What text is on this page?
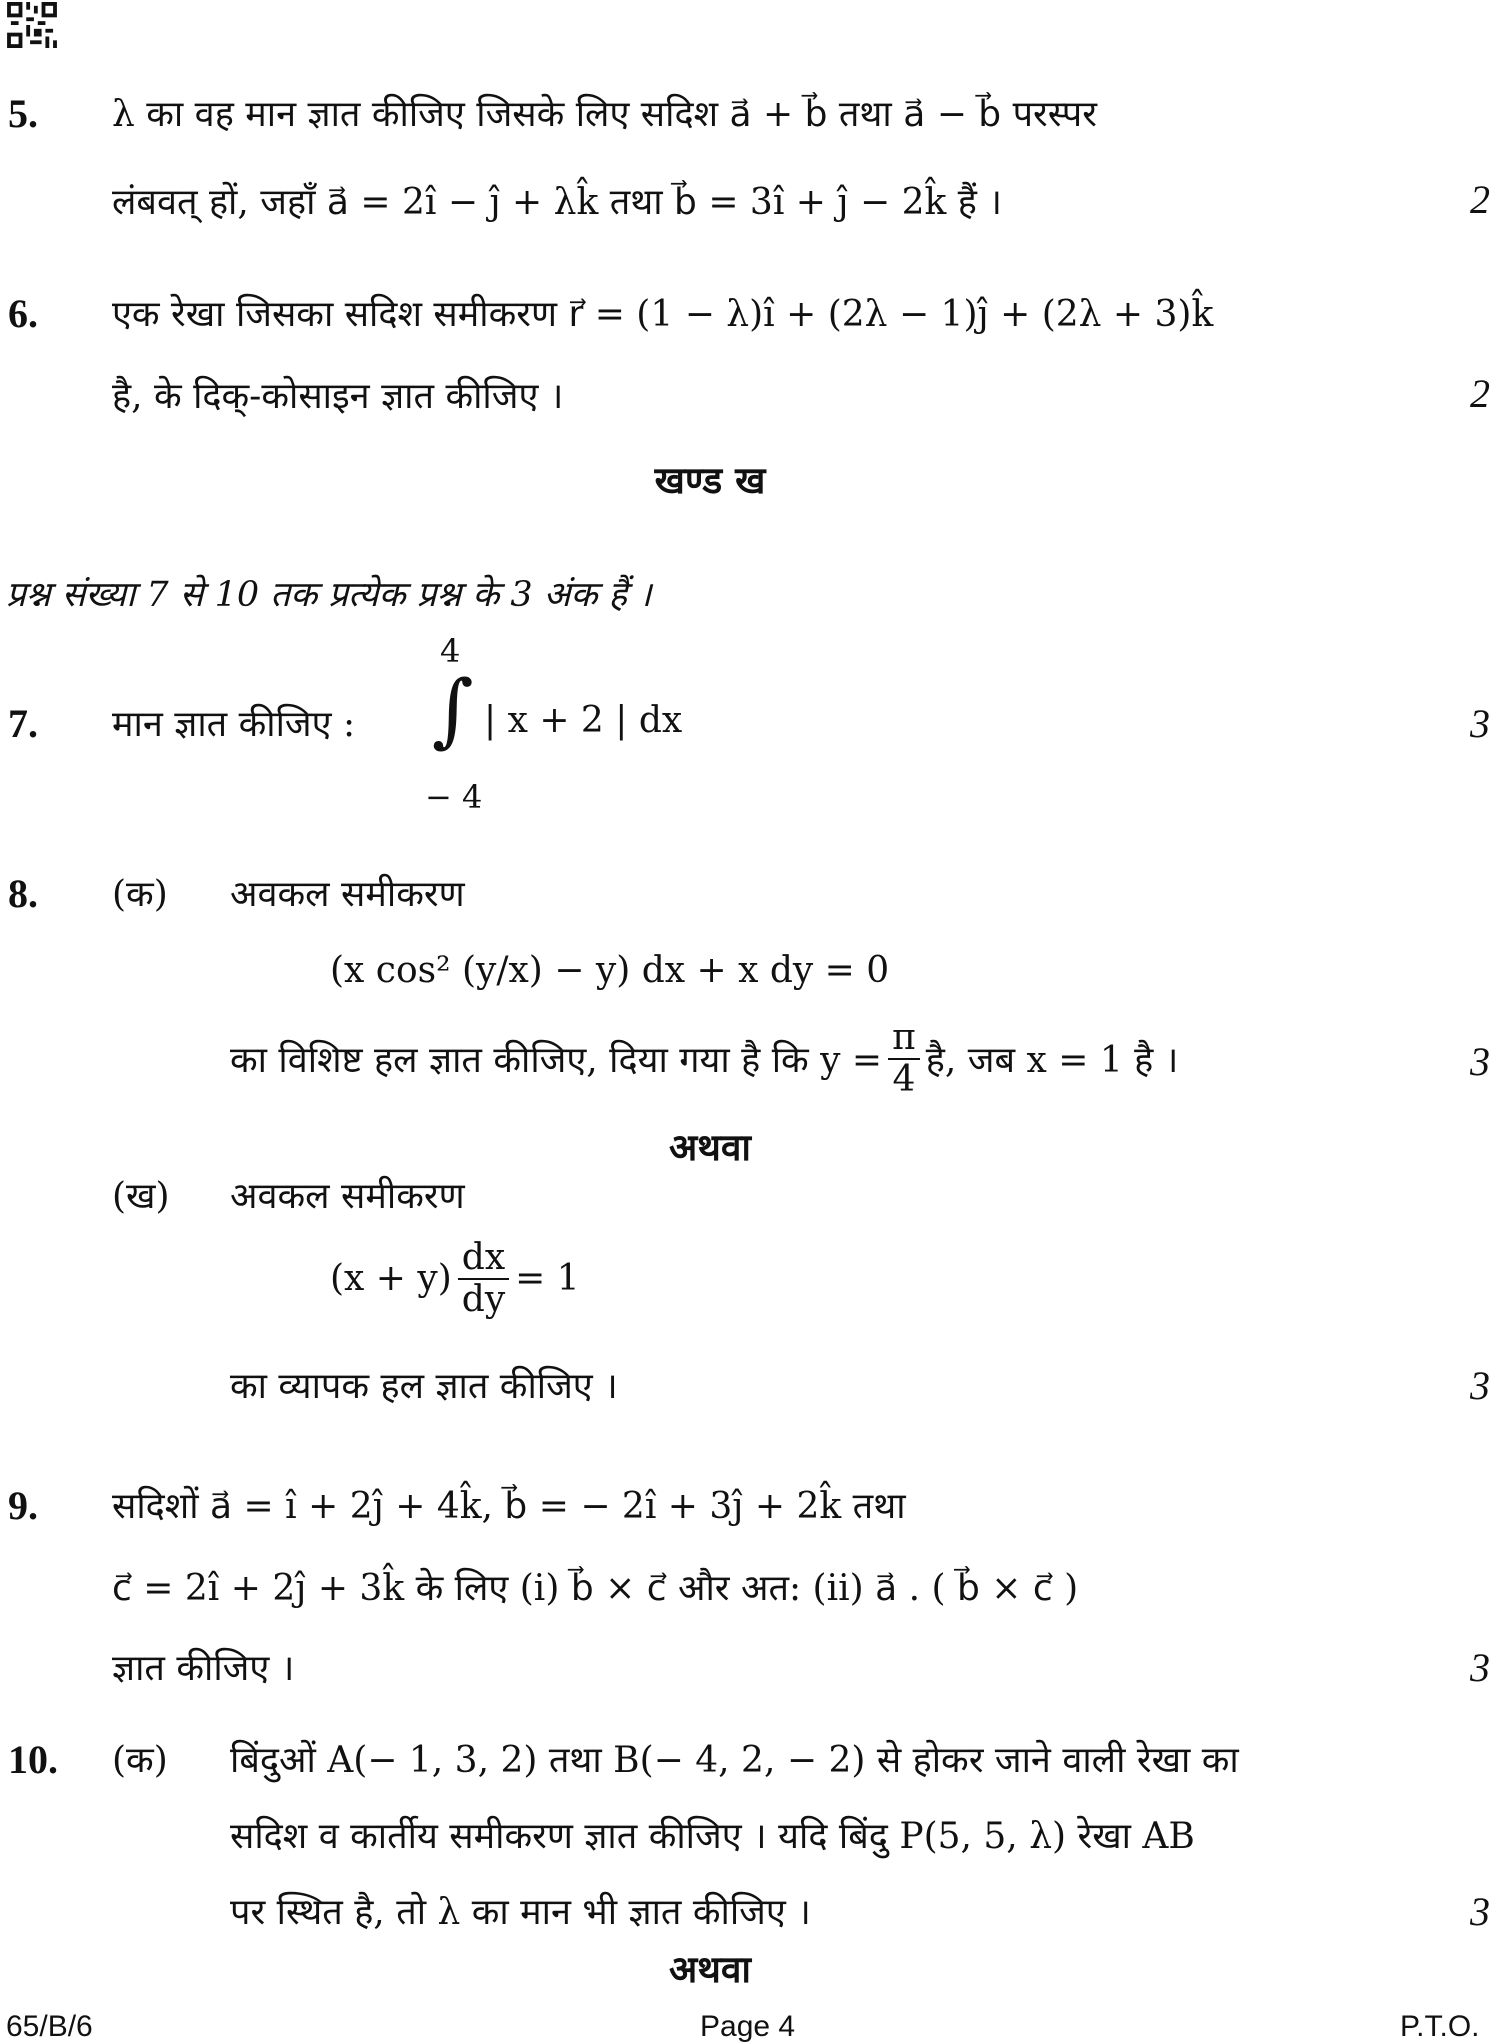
5. λ का वह मान ज्ञात कीजिए जिसके लिए सदिश a⃗ + b⃗ तथा a⃗ − b⃗ परस्पर
लंबवत् हों, जहाँ a⃗ = 2î − ĵ + λk̂ तथा b⃗ = 3î + ĵ − 2k̂ हैं ।	2
6. एक रेखा जिसका सदिश समीकरण r⃗ = (1 − λ)î + (2λ − 1)ĵ + (2λ + 3)k̂
है, के दिक्-कोसाइन ज्ञात कीजिए ।	2
खण्ड ख
प्रश्न संख्या 7 से 10 तक प्रत्येक प्रश्न के 3 अंक हैं ।
7. मान ज्ञात कीजिए :
4
∫
− 4
| x + 2 | dx	3
8. (क) अवकल समीकरण
(x cos² (y/x) − y) dx + x dy = 0
का विशिष्ट हल ज्ञात कीजिए, दिया गया है कि $y = \frac{\pi}{4}$ है, जब x = 1 है ।	3
अथवा
(ख) अवकल समीकरण
$(x + y) \frac{dx}{dy} = 1$
का व्यापक हल ज्ञात कीजिए ।	3
9. सदिशों a⃗ = î + 2ĵ + 4k̂, b⃗ = − 2î + 3ĵ + 2k̂ तथा
c⃗ = 2î + 2ĵ + 3k̂ के लिए (i) b⃗ × c⃗ और अत: (ii) a⃗ . ( b⃗ × c⃗ )
ज्ञात कीजिए ।	3
10. (क) बिंदुओं A(− 1, 3, 2) तथा B(− 4, 2, − 2) से होकर जाने वाली रेखा का
सदिश व कार्तीय समीकरण ज्ञात कीजिए । यदि बिंदु P(5, 5, λ) रेखा AB
पर स्थित है, तो λ का मान भी ज्ञात कीजिए ।	3
अथवा
65/B/6	Page 4	P.T.O.
